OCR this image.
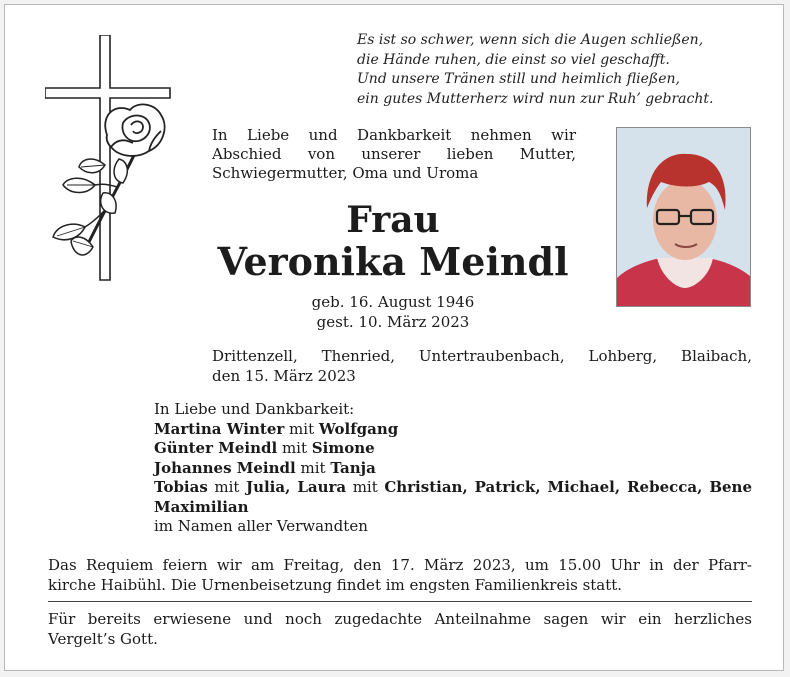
Es ist so schwer, wenn sich die Augen schließen,
die Hände ruhen, die einst so viel geschafft.
Und unsere Tränen still und heimlich fließen,
ein gutes Mutterherz wird nun zur Ruh’ gebracht.
In Liebe und Dankbarkeit nehmen wir
Abschied von unserer lieben Mutter,
Schwiegermutter, Oma und Uroma
Frau
Veronika Meindl
geb. 16. August 1946
gest. 10. März 2023
Drittenzell, Thenried, Untertraubenbach, Lohberg, Blaibach,
den 15. März 2023
In Liebe und Dankbarkeit:
Martina Winter mit Wolfgang
Günter Meindl mit Simone
Johannes Meindl mit Tanja
Tobias mit Julia, Laura mit Christian, Patrick, Michael, Rebecca, Bene
Maximilian
im Namen aller Verwandten
Das Requiem feiern wir am Freitag, den 17. März 2023, um 15.00 Uhr in der Pfarr-
kirche Haibühl. Die Urnenbeisetzung findet im engsten Familienkreis statt.
Für bereits erwiesene und noch zugedachte Anteilnahme sagen wir ein herzliches
Vergelt’s Gott.
